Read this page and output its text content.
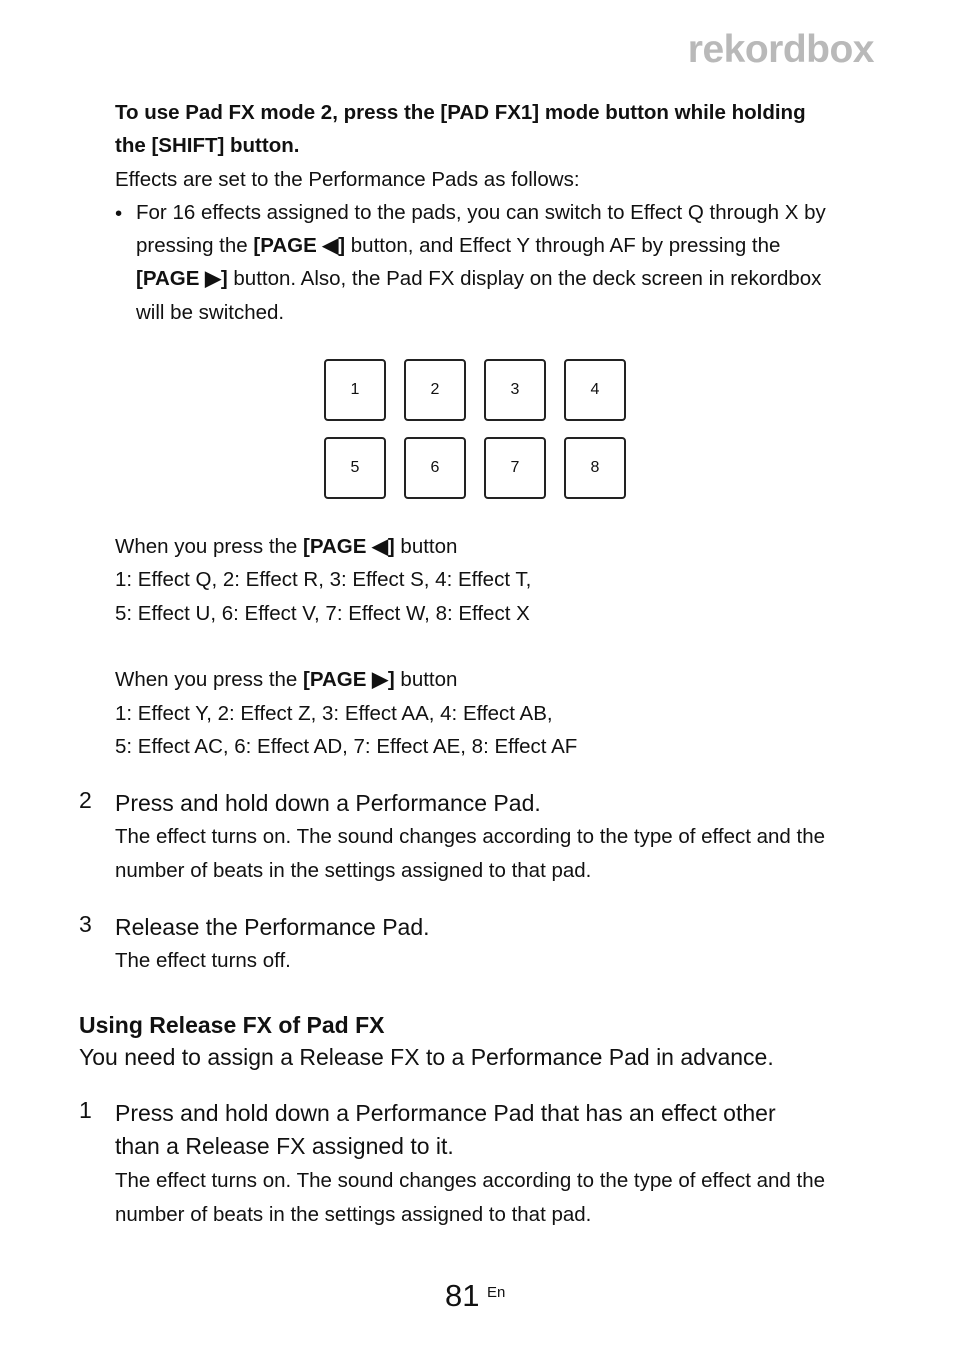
rekordbox
To use Pad FX mode 2, press the [PAD FX1] mode button while holding
the [SHIFT] button.
Effects are set to the Performance Pads as follows:
• For 16 effects assigned to the pads, you can switch to Effect Q through X by
pressing the [PAGE ◀] button, and Effect Y through AF by pressing the
[PAGE ▶] button. Also, the Pad FX display on the deck screen in rekordbox
will be switched.
1	2	3	4
5	6	7	8
When you press the [PAGE ◀] button
1: Effect Q, 2: Effect R, 3: Effect S, 4: Effect T,
5: Effect U, 6: Effect V, 7: Effect W, 8: Effect X
When you press the [PAGE ▶] button
1: Effect Y, 2: Effect Z, 3: Effect AA, 4: Effect AB,
5: Effect AC, 6: Effect AD, 7: Effect AE, 8: Effect AF
2 Press and hold down a Performance Pad.
The effect turns on. The sound changes according to the type of effect and the
number of beats in the settings assigned to that pad.
3 Release the Performance Pad.
The effect turns off.
Using Release FX of Pad FX
You need to assign a Release FX to a Performance Pad in advance.
1 Press and hold down a Performance Pad that has an effect other
than a Release FX assigned to it.
The effect turns on. The sound changes according to the type of effect and the
number of beats in the settings assigned to that pad.
81 En
